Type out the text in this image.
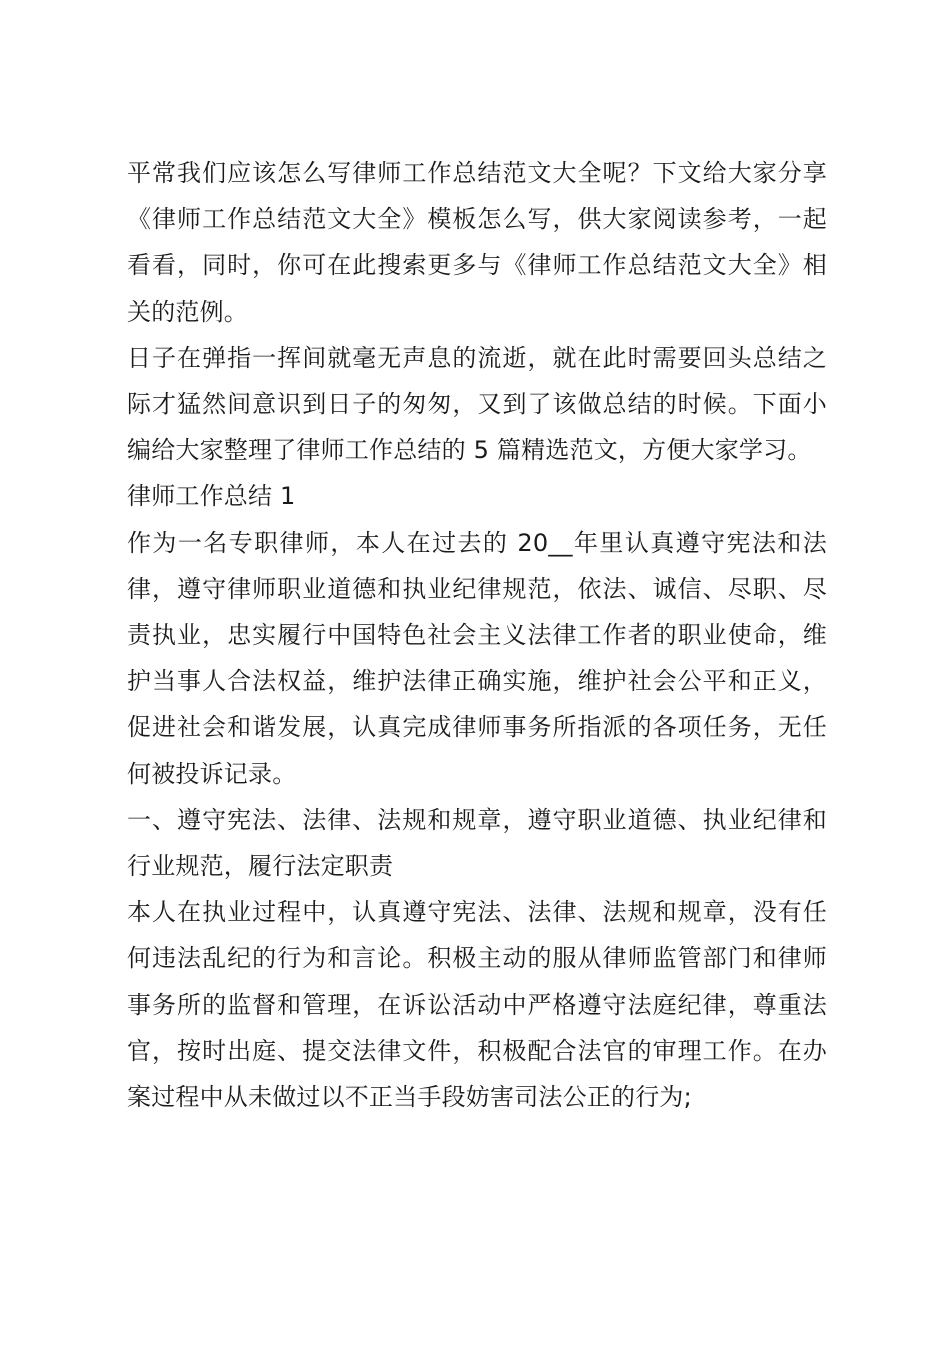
平常我们应该怎么写律师工作总结范文大全呢？下文给大家分享《律师工作总结范文大全》模板怎么写，供大家阅读参考，一起看看，同时，你可在此搜索更多与《律师工作总结范文大全》相关的范例。

日子在弹指一挥间就毫无声息的流逝，就在此时需要回头总结之际才猛然间意识到日子的匆匆，又到了该做总结的时候。下面小编给大家整理了律师工作总结的 5 篇精选范文，方便大家学习。

律师工作总结 1

作为一名专职律师，本人在过去的 20__年里认真遵守宪法和法律，遵守律师职业道德和执业纪律规范，依法、诚信、尽职、尽责执业，忠实履行中国特色社会主义法律工作者的职业使命，维护当事人合法权益，维护法律正确实施，维护社会公平和正义，促进社会和谐发展，认真完成律师事务所指派的各项任务，无任何被投诉记录。

一、遵守宪法、法律、法规和规章，遵守职业道德、执业纪律和行业规范，履行法定职责

本人在执业过程中，认真遵守宪法、法律、法规和规章，没有任何违法乱纪的行为和言论。积极主动的服从律师监管部门和律师事务所的监督和管理，在诉讼活动中严格遵守法庭纪律，尊重法官，按时出庭、提交法律文件，积极配合法官的审理工作。在办案过程中从未做过以不正当手段妨害司法公正的行为;
